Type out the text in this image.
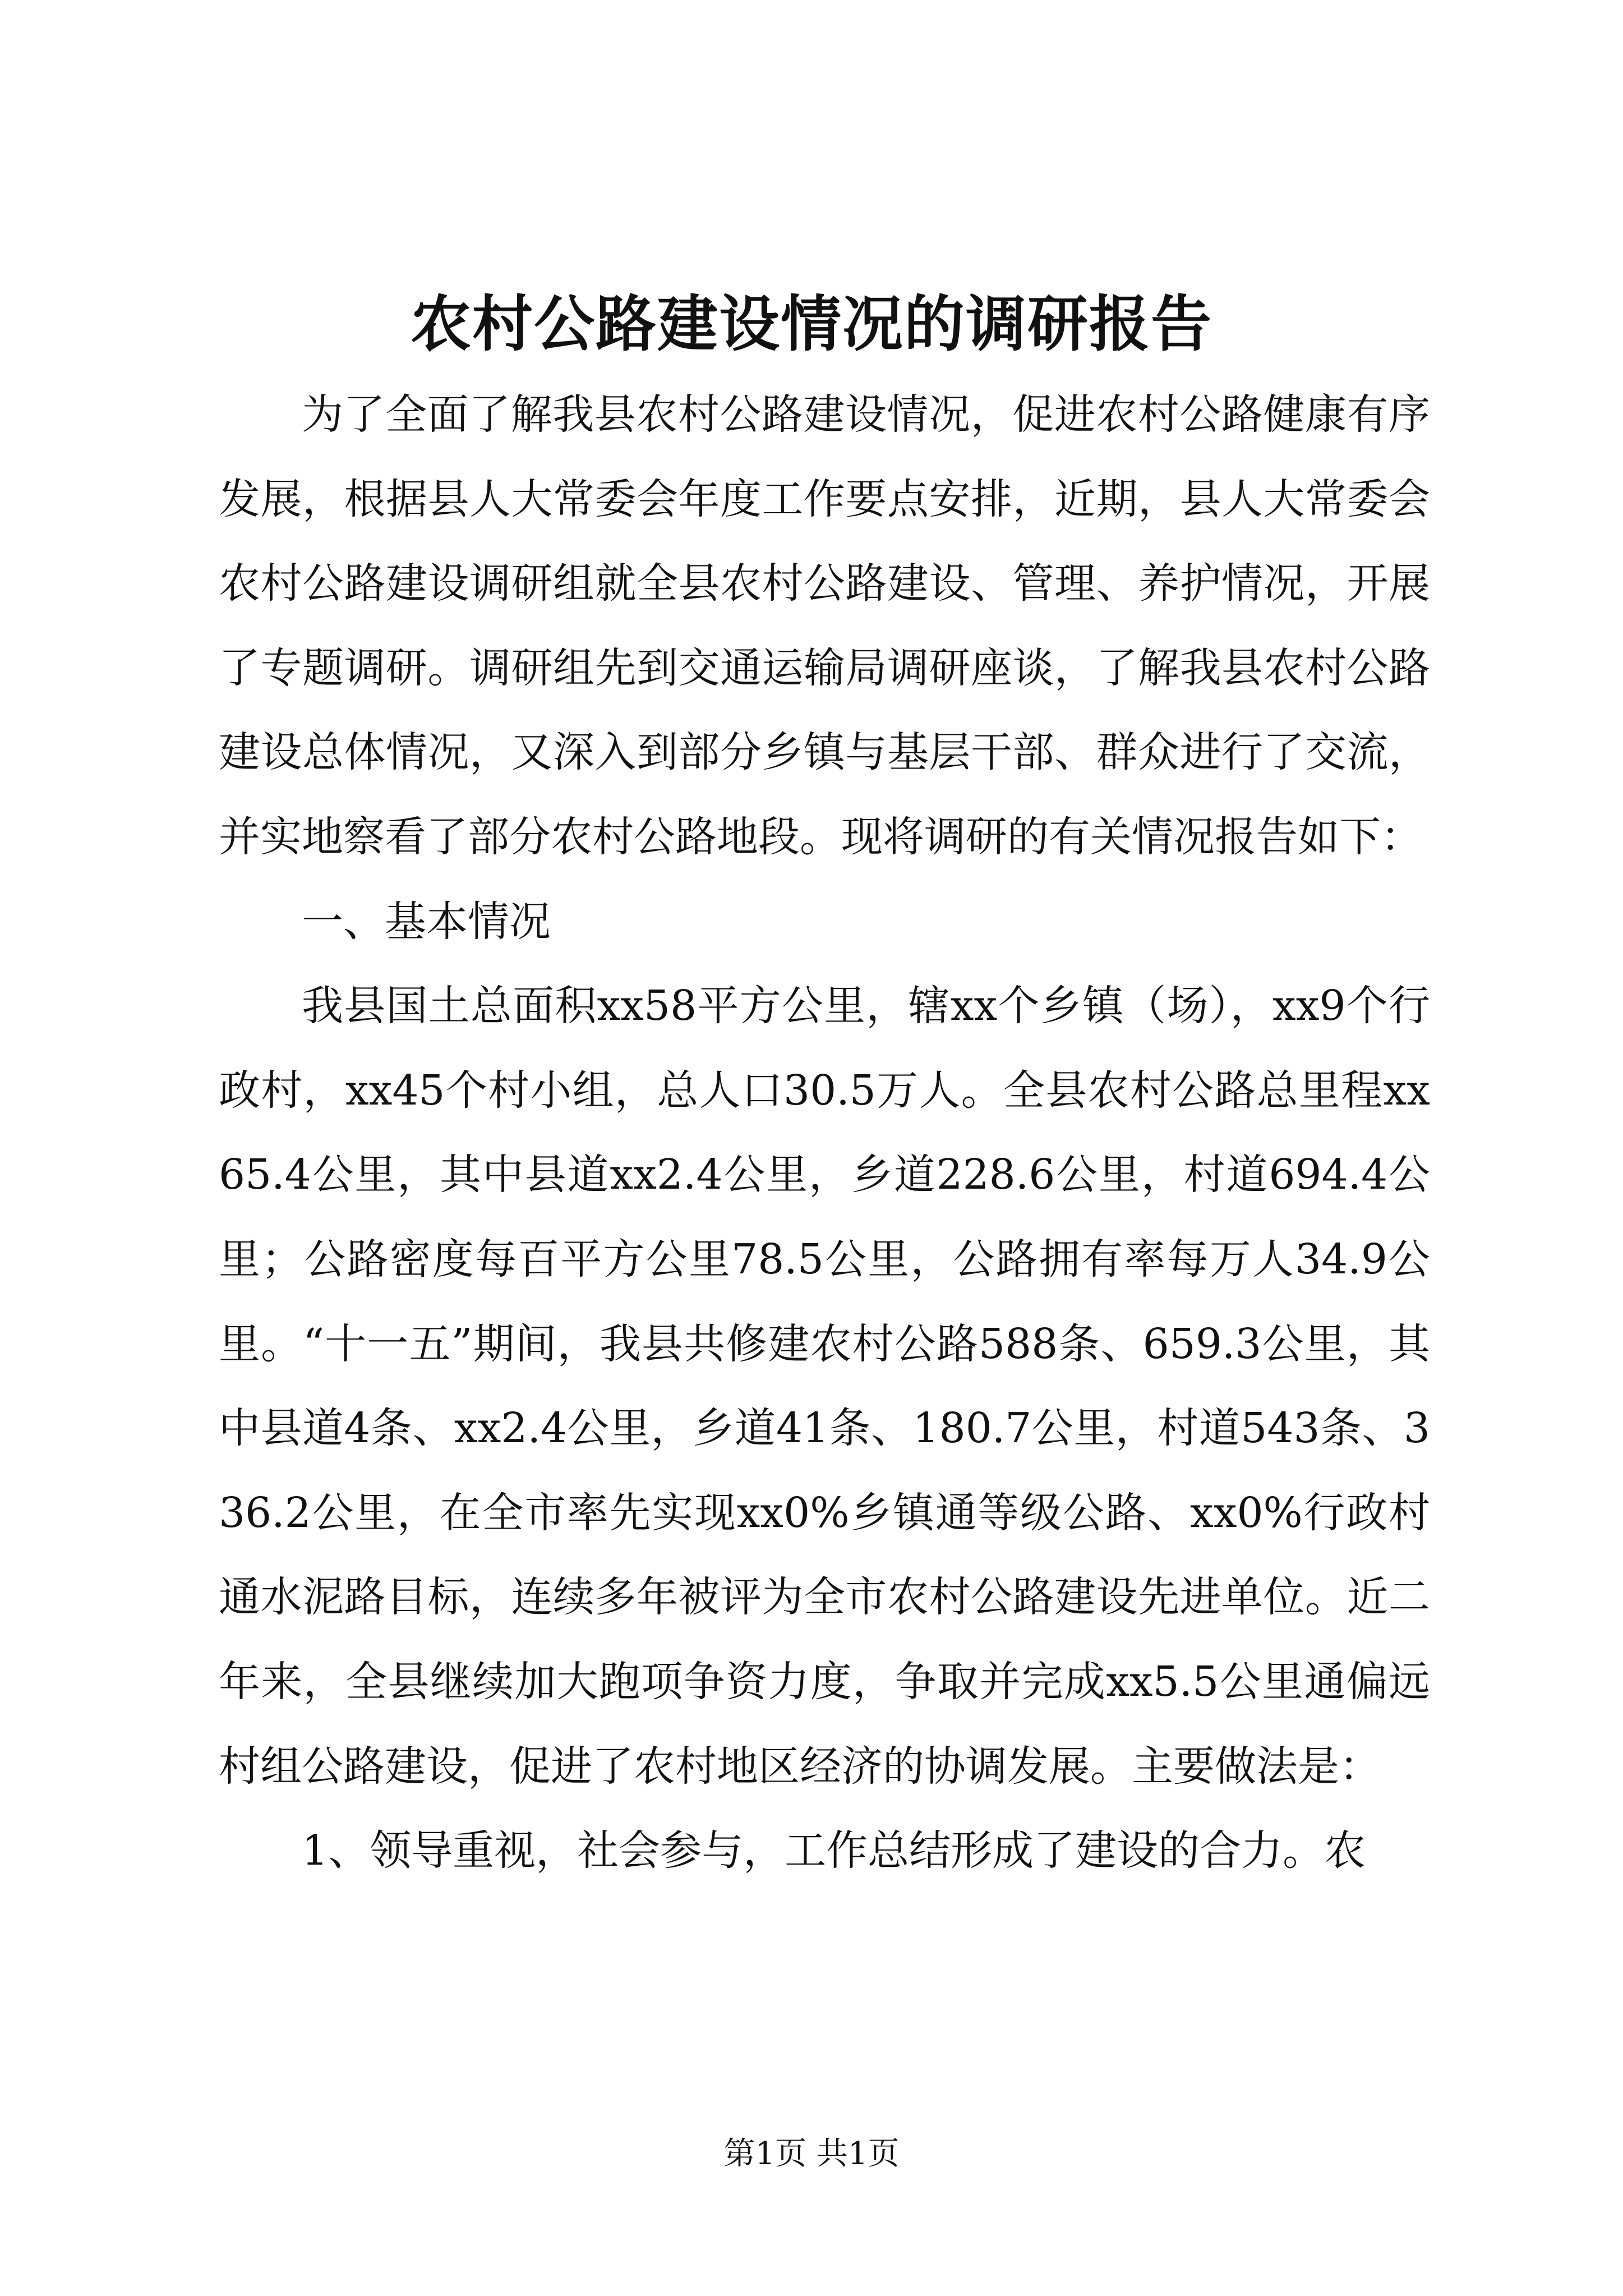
农村公路建设情况的调研报告

为了全面了解我县农村公路建设情况，促进农村公路健康有序发展，根据县人大常委会年度工作要点安排，近期，县人大常委会农村公路建设调研组就全县农村公路建设、管理、养护情况，开展了专题调研。调研组先到交通运输局调研座谈，了解我县农村公路建设总体情况，又深入到部分乡镇与基层干部、群众进行了交流，并实地察看了部分农村公路地段。现将调研的有关情况报告如下：

一、基本情况

我县国土总面积xx58平方公里，辖xx个乡镇（场），xx9个行政村，xx45个村小组，总人口30.5万人。全县农村公路总里程xx65.4公里，其中县道xx2.4公里，乡道228.6公里，村道694.4公里；公路密度每百平方公里78.5公里，公路拥有率每万人34.9公里。“十一五”期间，我县共修建农村公路588条、659.3公里，其中县道4条、xx2.4公里，乡道41条、180.7公里，村道543条、336.2公里，在全市率先实现xx0%乡镇通等级公路、xx0%行政村通水泥路目标，连续多年被评为全市农村公路建设先进单位。近二年来，全县继续加大跑项争资力度，争取并完成xx5.5公里通偏远村组公路建设，促进了农村地区经济的协调发展。主要做法是：

1、领导重视，社会参与，工作总结形成了建设的合力。农

第1页 共1页
